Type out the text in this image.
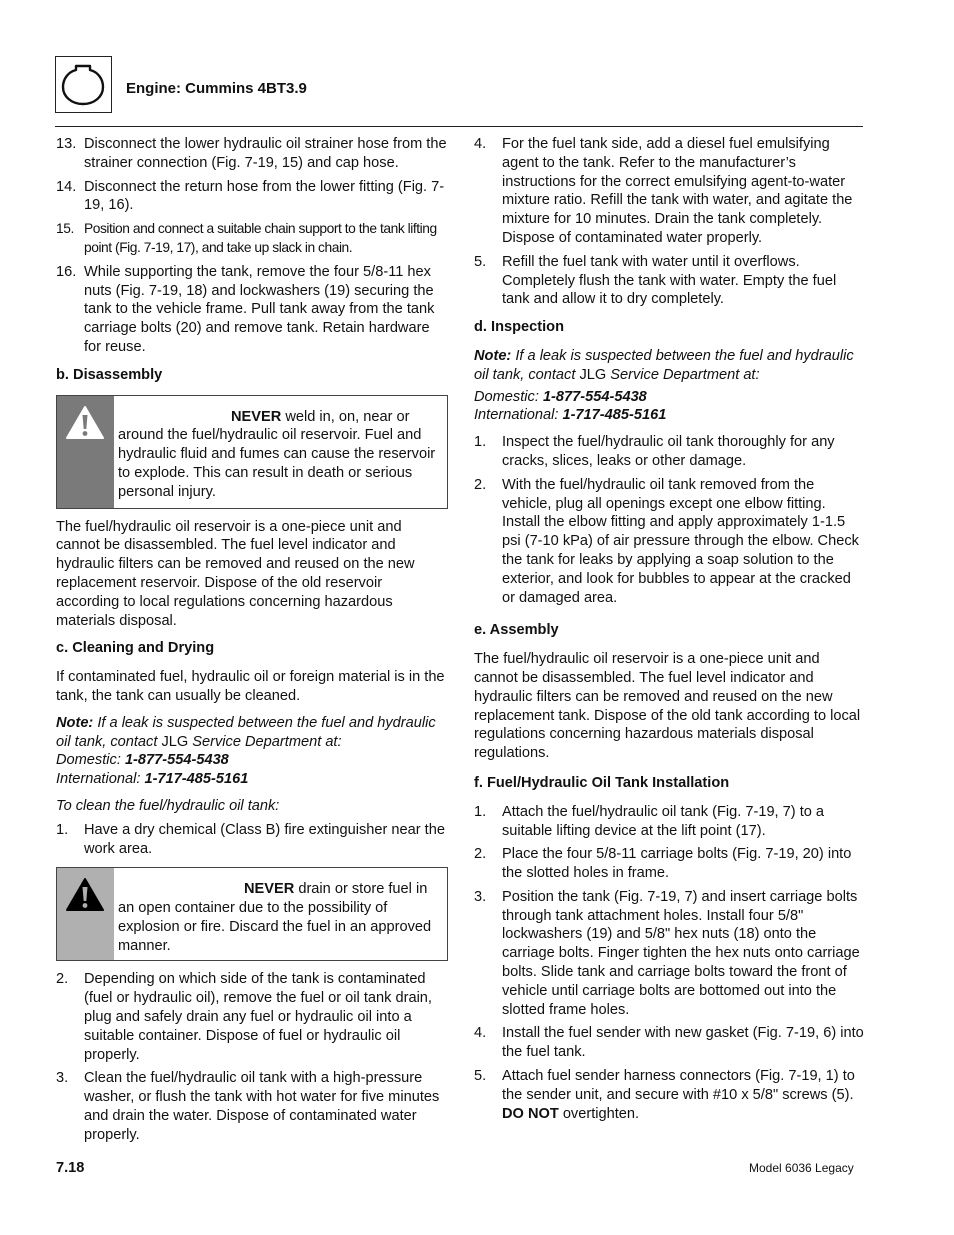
Engine: Cummins 4BT3.9
13. Disconnect the lower hydraulic oil strainer hose from the strainer connection (Fig. 7-19, 15) and cap hose.
14. Disconnect the return hose from the lower fitting (Fig. 7-19, 16).
15. Position and connect a suitable chain support to the tank lifting point (Fig. 7-19, 17), and take up slack in chain.
16. While supporting the tank, remove the four 5/8-11 hex nuts (Fig. 7-19, 18) and lockwashers (19) securing the tank to the vehicle frame. Pull tank away from the tank carriage bolts (20) and remove tank. Retain hardware for reuse.
b. Disassembly
NEVER weld in, on, near or around the fuel/hydraulic oil reservoir. Fuel and hydraulic fluid and fumes can cause the reservoir to explode. This can result in death or serious personal injury.

The fuel/hydraulic oil reservoir is a one-piece unit and cannot be disassembled. The fuel level indicator and hydraulic filters can be removed and reused on the new replacement reservoir. Dispose of the old reservoir according to local regulations concerning hazardous materials disposal.

c. Cleaning and Drying

If contaminated fuel, hydraulic oil or foreign material is in the tank, the tank can usually be cleaned.

Note: If a leak is suspected between the fuel and hydraulic oil tank, contact JLG Service Department at:
Domestic: 1-877-554-5438
International: 1-717-485-5161

To clean the fuel/hydraulic oil tank:

1. Have a dry chemical (Class B) fire extinguisher near the work area.
NEVER drain or store fuel in an open container due to the possibility of explosion or fire. Discard the fuel in an approved manner.
2. Depending on which side of the tank is contaminated (fuel or hydraulic oil), remove the fuel or oil tank drain, plug and safely drain any fuel or hydraulic oil into a suitable container. Dispose of fuel or hydraulic oil properly.
3. Clean the fuel/hydraulic oil tank with a high-pressure washer, or flush the tank with hot water for five minutes and drain the water. Dispose of contaminated water properly.
4. For the fuel tank side, add a diesel fuel emulsifying agent to the tank. Refer to the manufacturer’s instructions for the correct emulsifying agent-to-water mixture ratio. Refill the tank with water, and agitate the mixture for 10 minutes. Drain the tank completely. Dispose of contaminated water properly.
5. Refill the fuel tank with water until it overflows. Completely flush the tank with water. Empty the fuel tank and allow it to dry completely.
d. Inspection
Note: If a leak is suspected between the fuel and hydraulic oil tank, contact JLG Service Department at:
Domestic: 1-877-554-5438
International: 1-717-485-5161
1. Inspect the fuel/hydraulic oil tank thoroughly for any cracks, slices, leaks or other damage.
2. With the fuel/hydraulic oil tank removed from the vehicle, plug all openings except one elbow fitting. Install the elbow fitting and apply approximately 1-1.5 psi (7-10 kPa) of air pressure through the elbow. Check the tank for leaks by applying a soap solution to the exterior, and look for bubbles to appear at the cracked or damaged area.
e. Assembly

The fuel/hydraulic oil reservoir is a one-piece unit and cannot be disassembled. The fuel level indicator and hydraulic filters can be removed and reused on the new replacement tank. Dispose of the old tank according to local regulations concerning hazardous materials disposal regulations.

f. Fuel/Hydraulic Oil Tank Installation
1. Attach the fuel/hydraulic oil tank (Fig. 7-19, 7) to a suitable lifting device at the lift point (17).
2. Place the four 5/8-11 carriage bolts (Fig. 7-19, 20) into the slotted holes in frame.
3. Position the tank (Fig. 7-19, 7) and insert carriage bolts through tank attachment holes. Install four 5/8" lockwashers (19) and 5/8" hex nuts (18) onto the carriage bolts. Finger tighten the hex nuts onto carriage bolts. Slide tank and carriage bolts toward the front of vehicle until carriage bolts are bottomed out into the slotted frame holes.
4. Install the fuel sender with new gasket (Fig. 7-19, 6) into the fuel tank.
5. Attach fuel sender harness connectors (Fig. 7-19, 1) to the sender unit, and secure with #10 x 5/8" screws (5). DO NOT overtighten.
7.18	Model 6036 Legacy
